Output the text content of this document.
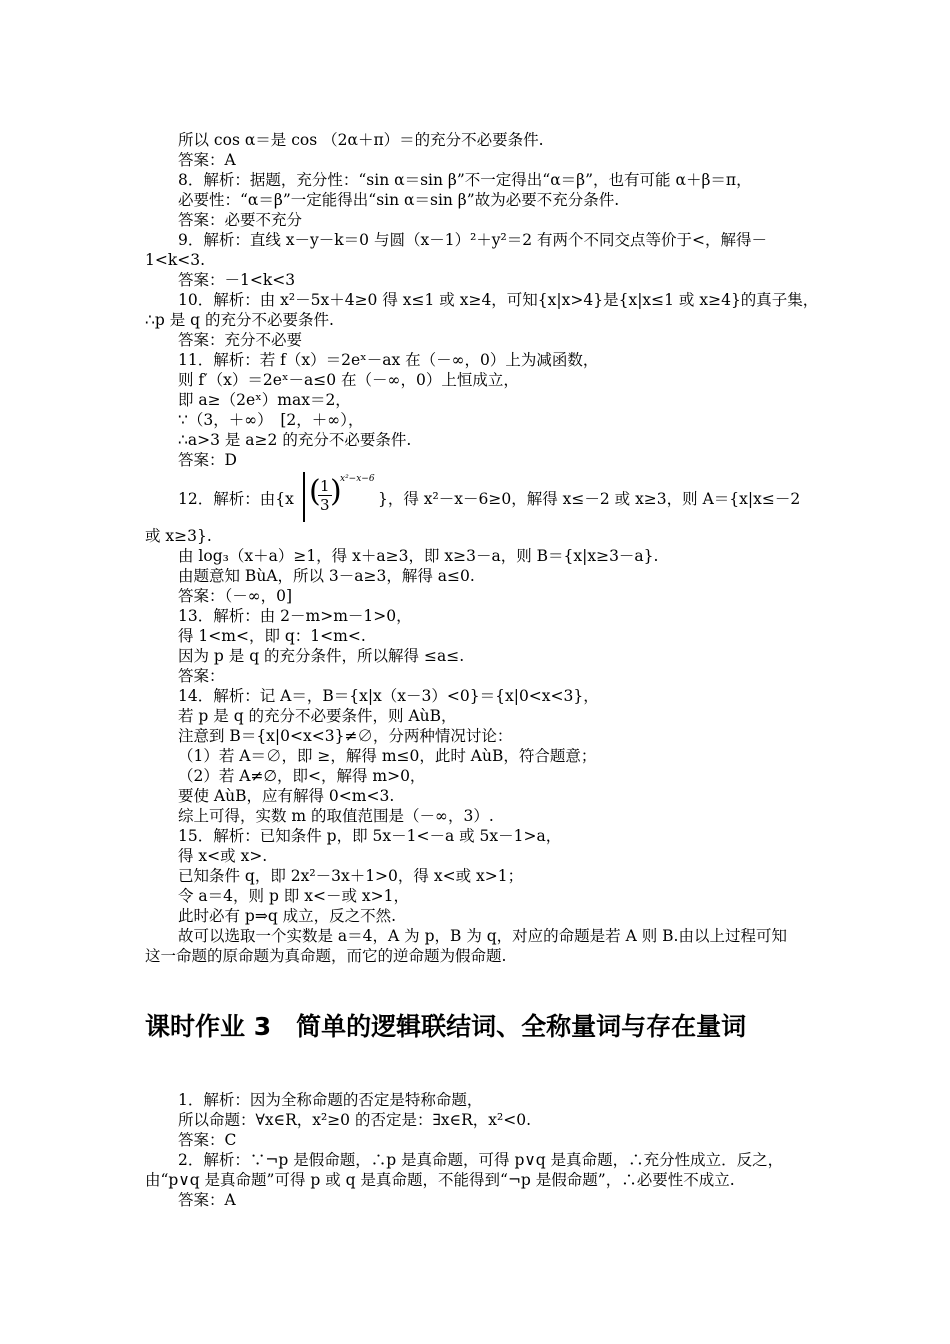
所以 cos α＝是 cos （2α＋π）＝的充分不必要条件.
答案：A
8．解析：据题，充分性：“sin α＝sin β”不一定得出“α＝β”，也有可能 α＋β＝π，
必要性：“α＝β”一定能得出“sin α＝sin β”故为必要不充分条件.
答案：必要不充分
9．解析：直线 x－y－k＝0 与圆（x－1）²＋y²＝2 有两个不同交点等价于<，解得－
1<k<3.
答案：－1<k<3
10．解析：由 x²－5x＋4≥0 得 x≤1 或 x≥4，可知{x|x>4}是{x|x≤1 或 x≥4}的真子集，
∴p 是 q 的充分不必要条件.
答案：充分不必要
11．解析：若 f（x）＝2eˣ－ax 在（－∞，0）上为减函数，
则 f′（x）＝2eˣ－a≤0 在（－∞，0）上恒成立，
即 a≥（2eˣ）max＝2，
∵（3，＋∞）　[2，＋∞），
∴a>3 是 a≥2 的充分不必要条件.
答案：D
或 x≥3}.
由 log₃（x＋a）≥1，得 x＋a≥3，即 x≥3－a，则 B＝{x|x≥3－a}.
由题意知 BùA，所以 3－a≥3，解得 a≤0.
答案：（－∞，0]
13．解析：由 2－m>m－1>0，
得 1<m<，即 q：1<m<.
因为 p 是 q 的充分条件，所以解得 ≤a≤.
答案：
14．解析：记 A＝，B＝{x|x（x－3）<0}＝{x|0<x<3}，
若 p 是 q 的充分不必要条件，则 AùB，
注意到 B＝{x|0<x<3}≠∅，分两种情况讨论：
（1）若 A＝∅，即 ≥，解得 m≤0，此时 AùB，符合题意；
（2）若 A≠∅，即<，解得 m>0，
要使 AùB，应有解得 0<m<3.
综上可得，实数 m 的取值范围是（－∞，3）.
15．解析：已知条件 p，即 5x－1<－a 或 5x－1>a，
得 x<或 x>.
已知条件 q，即 2x²－3x＋1>0，得 x<或 x>1；
令 a＝4，则 p 即 x<－或 x>1，
此时必有 p⇒q 成立，反之不然.
故可以选取一个实数是 a＝4，A 为 p，B 为 q，对应的命题是若 A 则 B.由以上过程可知
这一命题的原命题为真命题，而它的逆命题为假命题.
1．解析：因为全称命题的否定是特称命题，
所以命题：∀x∈R，x²≥0 的否定是：∃x∈R，x²<0.
答案：C
2．解析：∵¬p 是假命题，∴p 是真命题，可得 p∨q 是真命题，∴充分性成立．反之，
由“p∨q 是真命题”可得 p 或 q 是真命题，不能得到“¬p 是假命题”，∴必要性不成立.
答案：A
12．解析：由{x (
$\frac{1}{3}$
)
x²−x−6
}，得 x²－x－6≥0，解得 x≤－2 或 x≥3，则 A＝{x|x≤－2
课时作业 3　简单的逻辑联结词、全称量词与存在量词
